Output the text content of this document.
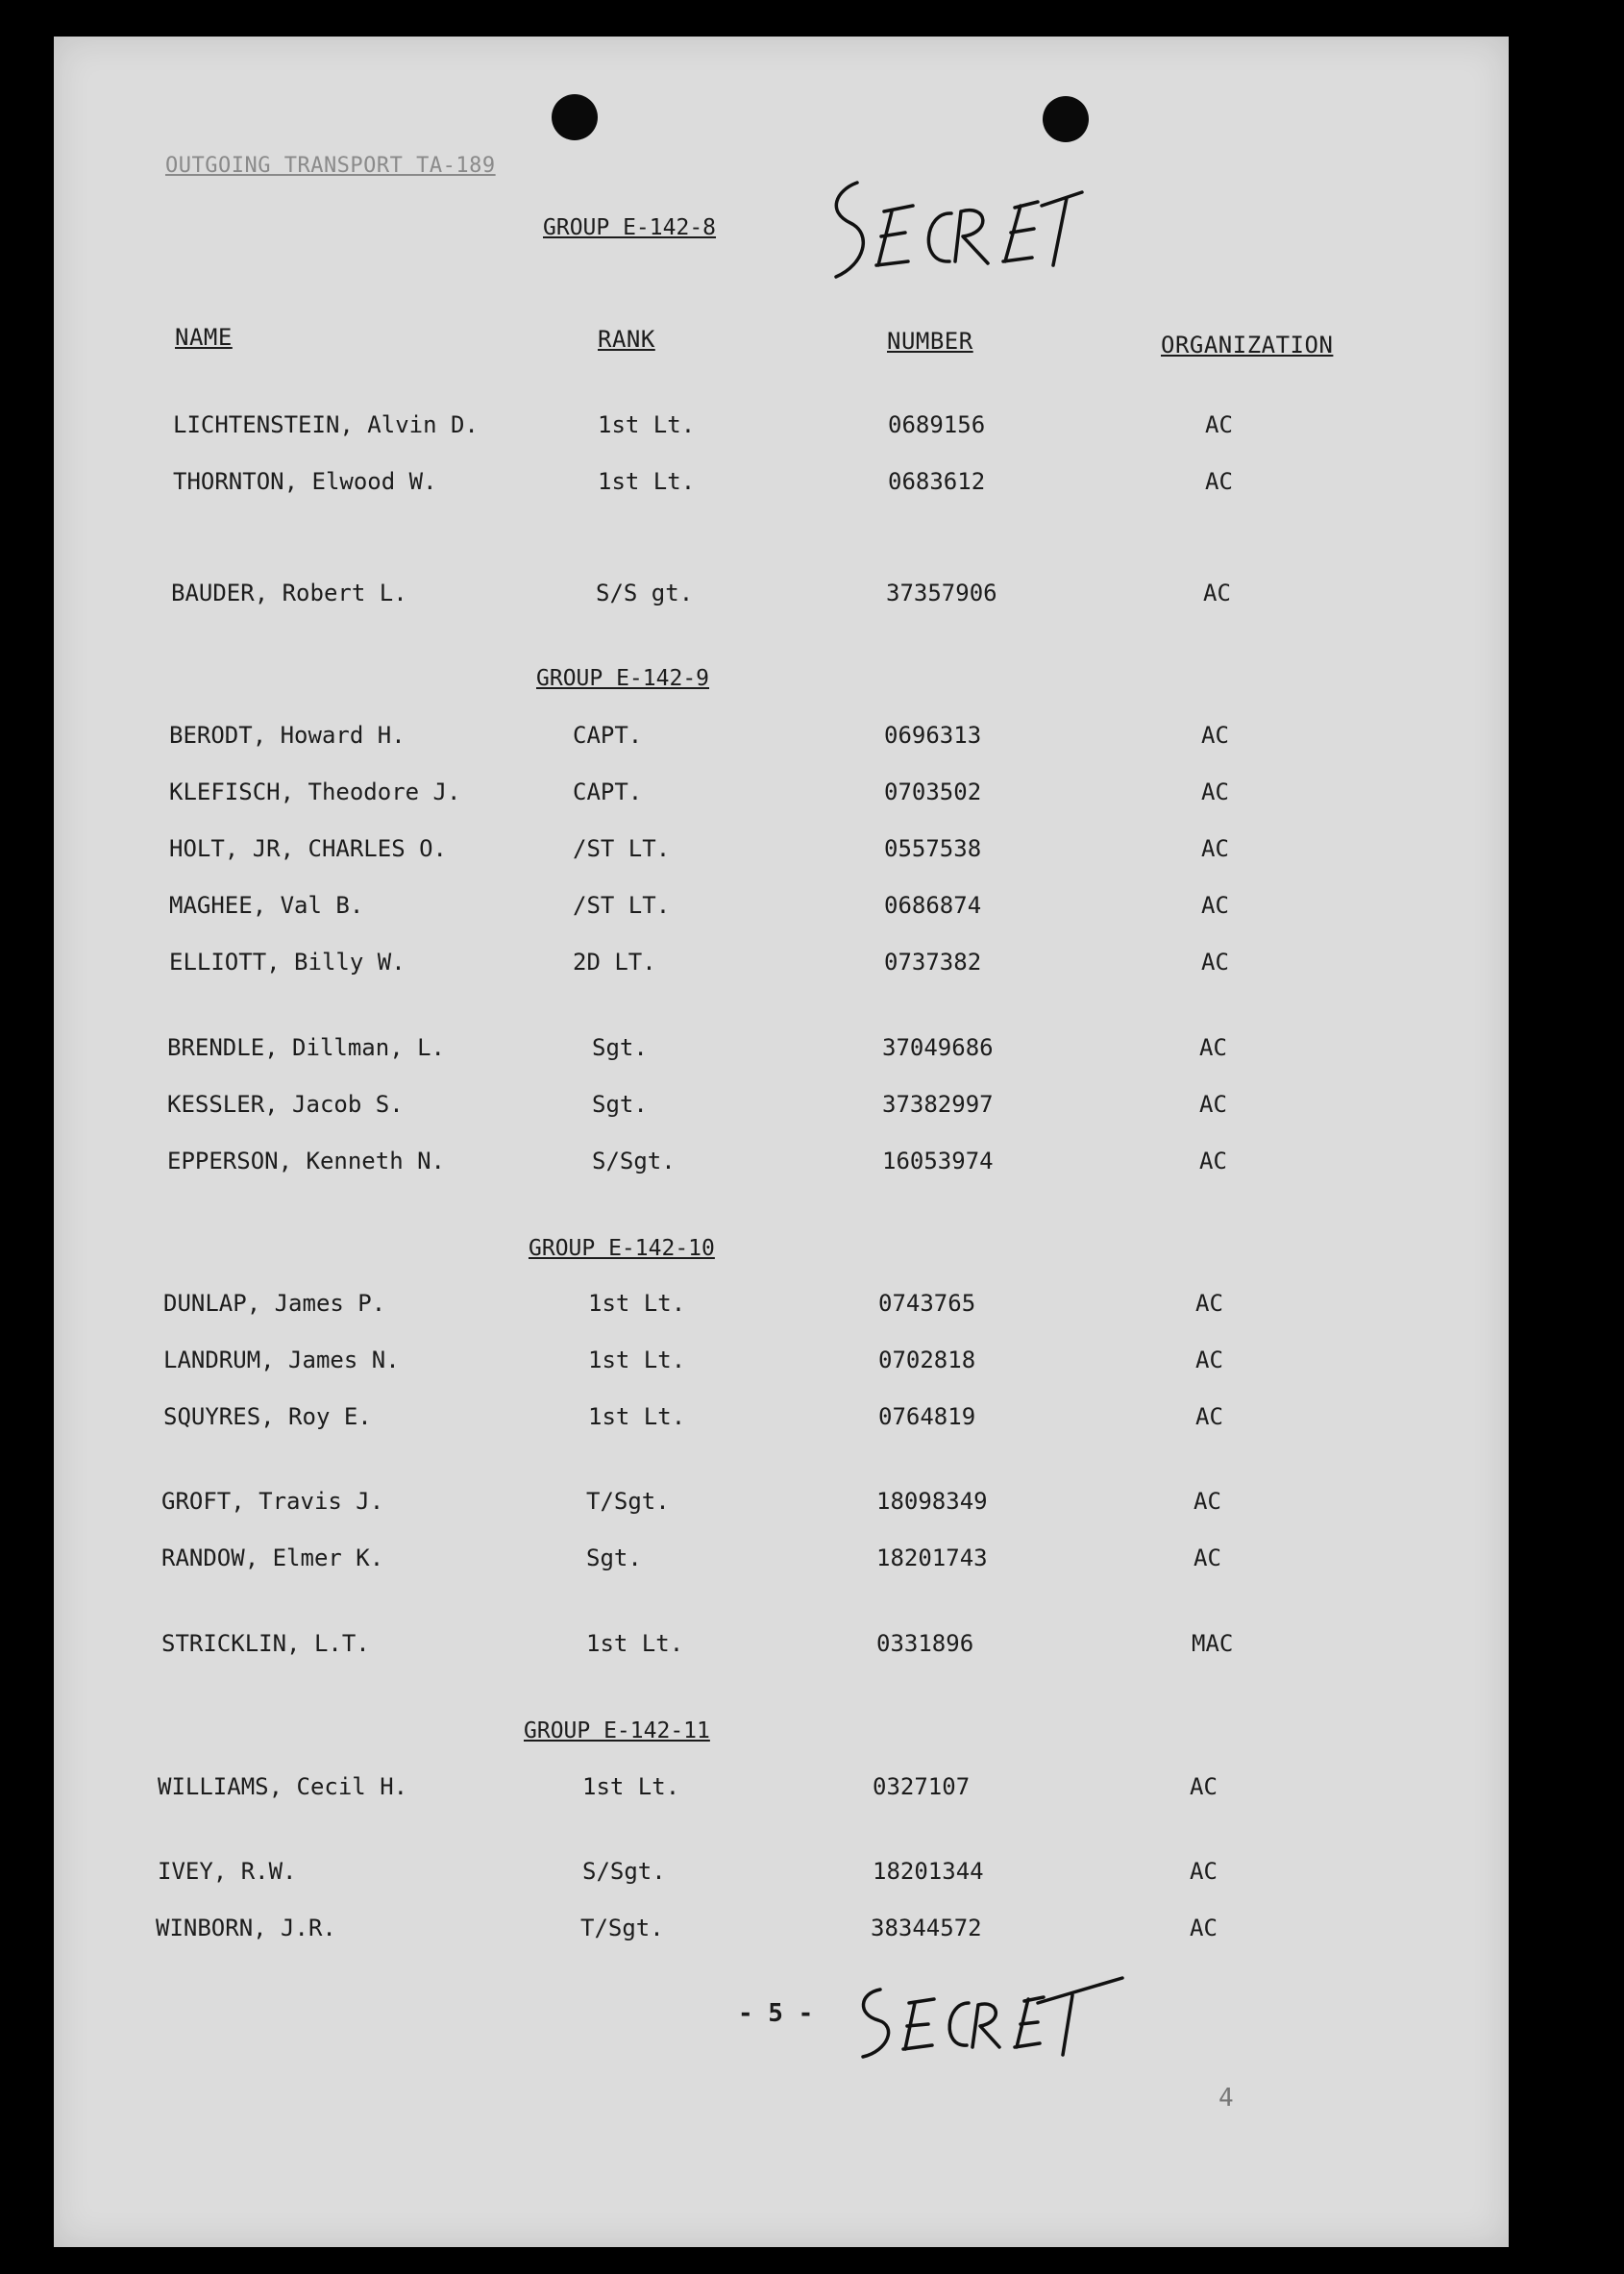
OUTGOING TRANSPORT TA-189
NAME	RANK	NUMBER	ORGANIZATION
GROUP E-142-8
GROUP E-142-9
GROUP E-142-10
GROUP E-142-11
LICHTENSTEIN, Alvin D.	1st Lt.	0689156	AC
THORNTON, Elwood W.	1st Lt.	0683612	AC
BAUDER, Robert L.	S/S gt.	37357906	AC
BERODT, Howard H.	CAPT.	0696313	AC
KLEFISCH, Theodore J.	CAPT.	0703502	AC
HOLT, JR, CHARLES O.	/ST LT.	0557538	AC
MAGHEE, Val B.	/ST LT.	0686874	AC
ELLIOTT, Billy W.	2D LT.	0737382	AC
BRENDLE, Dillman, L.	Sgt.	37049686	AC
KESSLER, Jacob S.	Sgt.	37382997	AC
EPPERSON, Kenneth N.	S/Sgt.	16053974	AC
DUNLAP, James P.	1st Lt.	0743765	AC
LANDRUM, James N.	1st Lt.	0702818	AC
SQUYRES, Roy E.	1st Lt.	0764819	AC
GROFT, Travis J.	T/Sgt.	18098349	AC
RANDOW, Elmer K.	Sgt.	18201743	AC
STRICKLIN, L.T.	1st Lt.	0331896	MAC
WILLIAMS, Cecil H.	1st Lt.	0327107	AC
IVEY, R.W.	S/Sgt.	18201344	AC
WINBORN, J.R.	T/Sgt.	38344572	AC
- 5 -
4
